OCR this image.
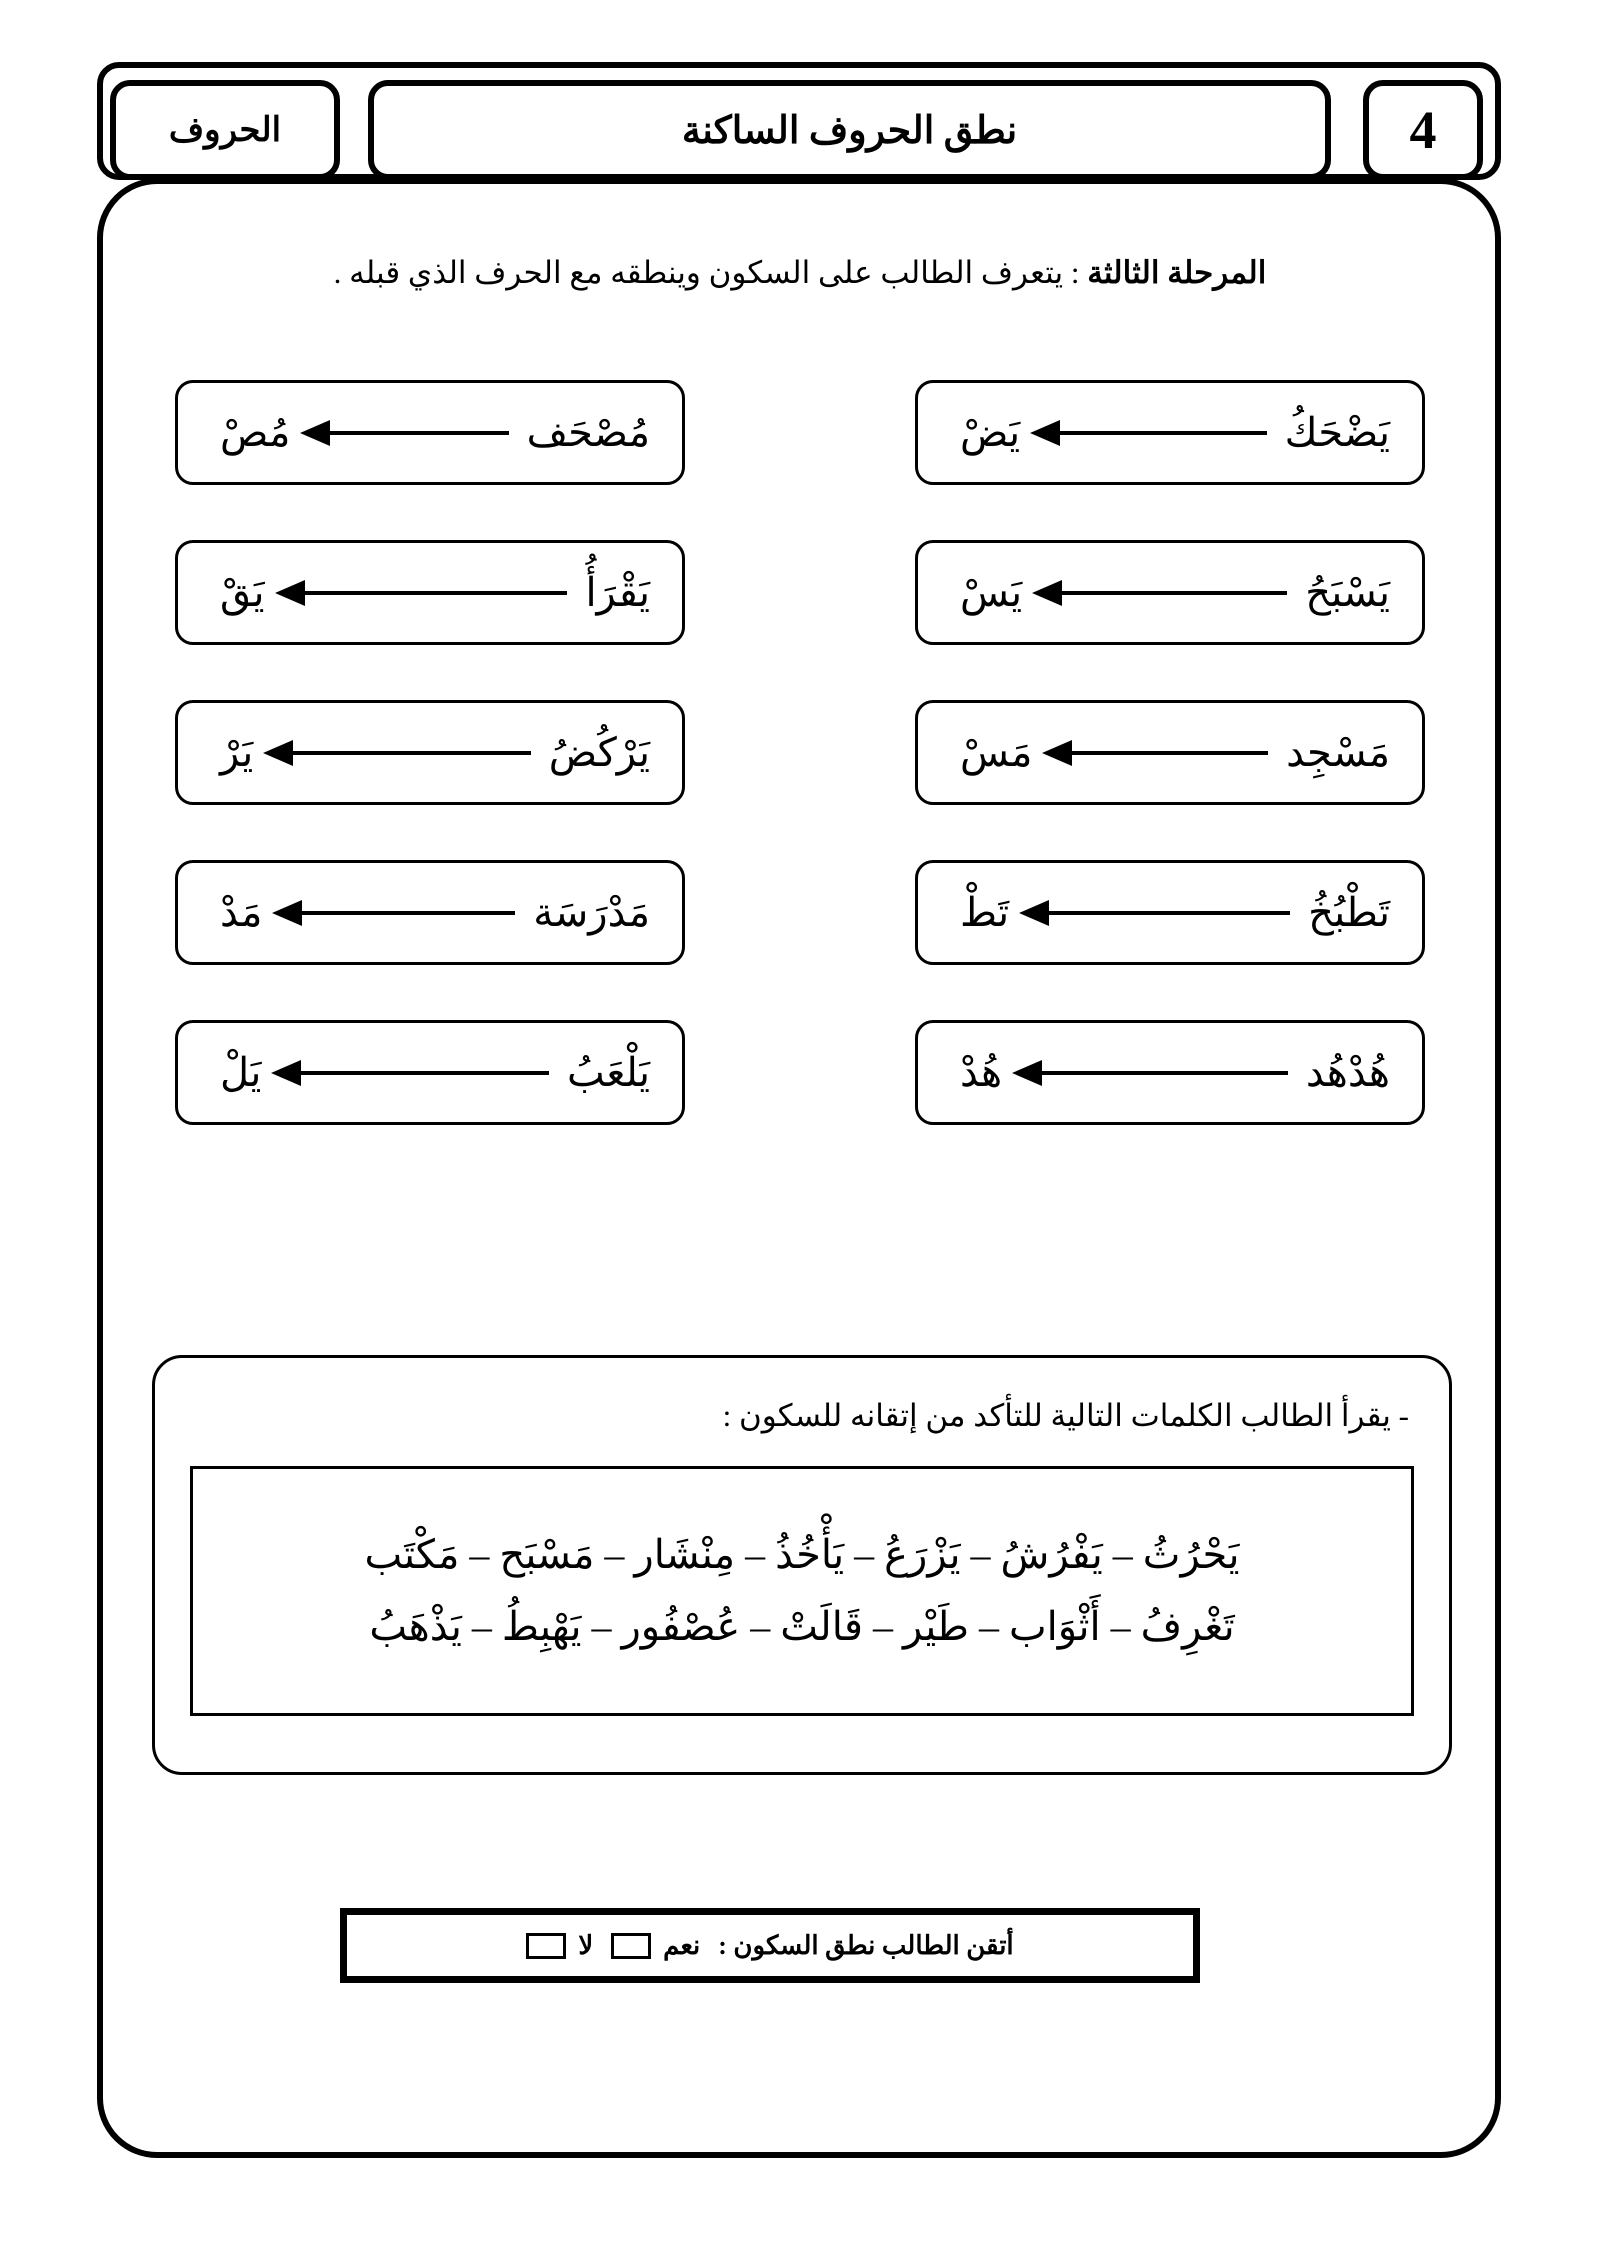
الحروف	نطق الحروف الساكنة	4
المرحلة الثالثة : يتعرف الطالب على السكون وينطقه مع الحرف الذي قبله .
مُصْحَف
مُصْ	يَضْحَكُ
يَضْ
يَقْرَأُ
يَقْ	يَسْبَحُ
يَسْ
يَرْكُضُ
يَرْ	مَسْجِد
مَسْ
مَدْرَسَة
مَدْ	تَطْبُخُ
تَطْ
يَلْعَبُ
يَلْ	هُدْهُد
هُدْ
- يقرأ الطالب الكلمات التالية للتأكد من إتقانه للسكون :
يَحْرُثُ – يَفْرُشُ – يَزْرَعُ – يَأْخُذُ – مِنْشَار – مَسْبَح – مَكْتَب
تَغْرِفُ – أَثْوَاب – طَيْر – قَالَتْ – عُصْفُور – يَهْبِطُ – يَذْهَبُ
أتقن الطالب نطق السكون :
نعم
لا
